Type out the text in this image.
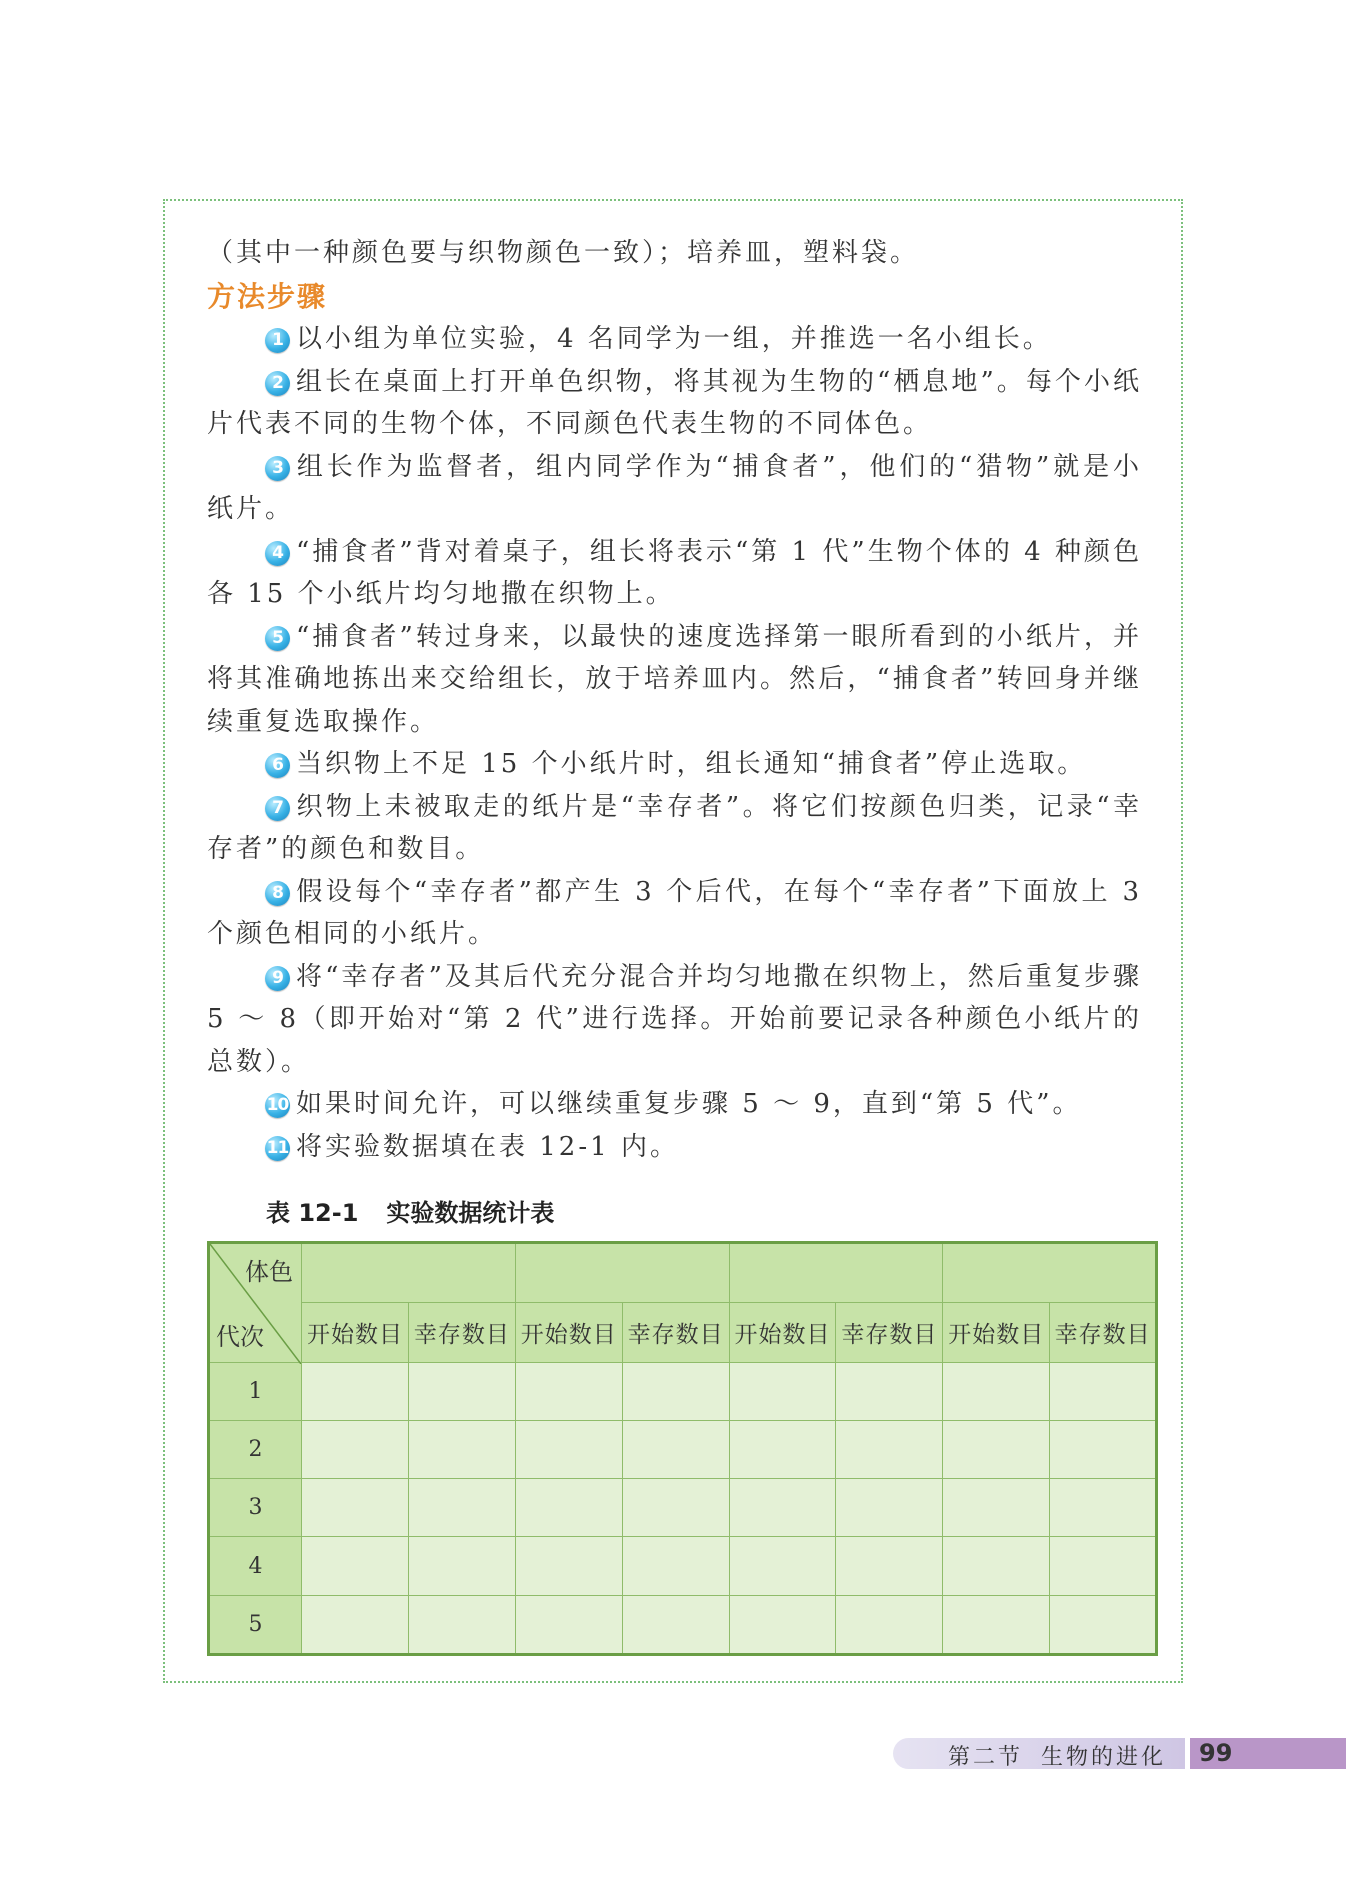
（其中一种颜色要与织物颜色一致）；培养皿，塑料袋。
方法步骤
1 以小组为单位实验，4 名同学为一组，并推选一名小组长。
2 组长在桌面上打开单色织物，将其视为生物的“栖息地”。每个小纸片代表不同的生物个体，不同颜色代表生物的不同体色。
3 组长作为监督者，组内同学作为“捕食者”，他们的“猎物”就是小纸片。
4 “捕食者”背对着桌子，组长将表示“第 1 代”生物个体的 4 种颜色各 15 个小纸片均匀地撒在织物上。
5 “捕食者”转过身来，以最快的速度选择第一眼所看到的小纸片，并将其准确地拣出来交给组长，放于培养皿内。然后，“捕食者”转回身并继续重复选取操作。
6 当织物上不足 15 个小纸片时，组长通知“捕食者”停止选取。
7 织物上未被取走的纸片是“幸存者”。将它们按颜色归类，记录“幸存者”的颜色和数目。
8 假设每个“幸存者”都产生 3 个后代，在每个“幸存者”下面放上 3 个颜色相同的小纸片。
9 将“幸存者”及其后代充分混合并均匀地撒在织物上，然后重复步骤 5 ～ 8（即开始对“第 2 代”进行选择。开始前要记录各种颜色小纸片的总数）。
10 如果时间允许，可以继续重复步骤 5 ～ 9，直到“第 5 代”。
11 将实验数据填在表 12-1 内。
表 12-1 实验数据统计表
体色
代次								

	开始数目	幸存数目	开始数目	幸存数目	开始数目	幸存数目	开始数目	幸存数目
1								
2								
3								
4								
5								
第二节 生物的进化	99
